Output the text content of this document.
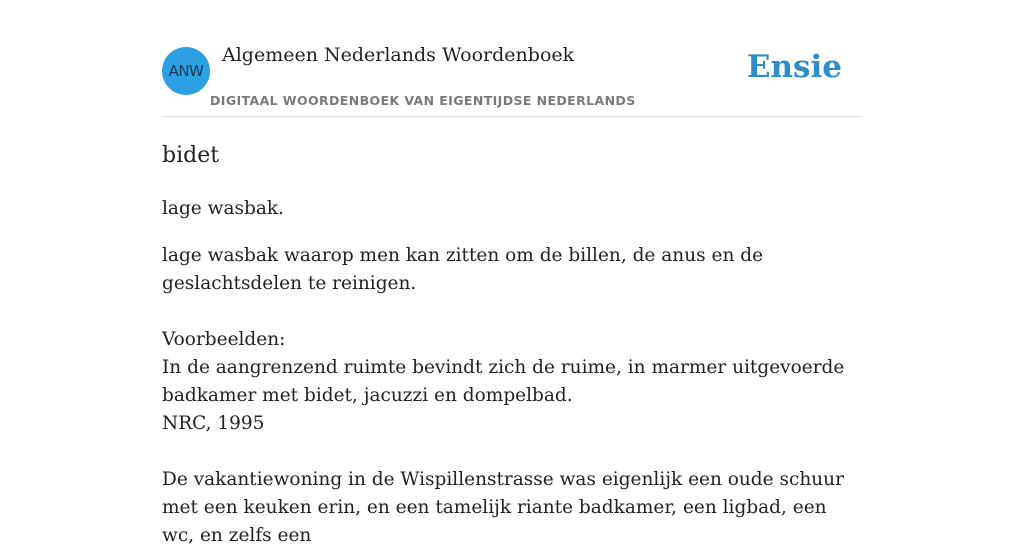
ANW
Algemeen Nederlands Woordenboek
DIGITAAL WOORDENBOEK VAN EIGENTIJDSE NEDERLANDS
Ensie
bidet

lage wasbak.

lage wasbak waarop men kan zitten om de billen, de anus en de geslachtsdelen te reinigen.

Voorbeelden:

In de aangrenzend ruimte bevindt zich de ruime, in marmer uitgevoerde badkamer met bidet, jacuzzi en dompelbad.

NRC, 1995

De vakantiewoning in de Wispillenstrasse was eigenlijk een oude schuur met een keuken erin, en een tamelijk riante badkamer, een ligbad, een wc, en zelfs een
